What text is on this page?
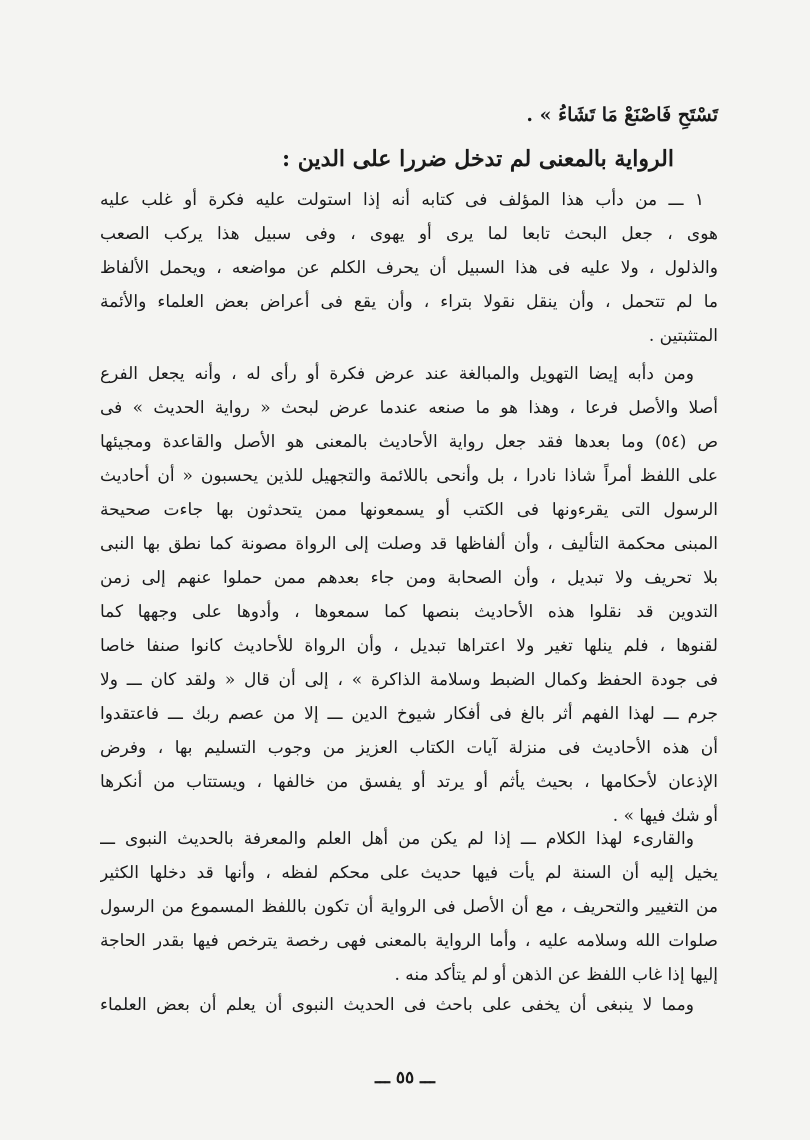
تَسْتَحِ فَاصْنَعْ مَا تَشَاءُ » .
الرواية بالمعنى لم تدخل ضررا على الدين :
١ ـــ من دأب هذا المؤلف فى كتابه أنه إذا استولت عليه فكرة أو غلب عليه
هوى ، جعل البحث تابعا لما يرى أو يهوى ، وفى سبيل هذا يركب الصعب
والذلول ، ولا عليه فى هذا السبيل أن يحرف الكلم عن مواضعه ، ويحمل الألفاظ
ما لم تتحمل ، وأن ينقل نقولا بتراء ، وأن يقع فى أعراض بعض العلماء والأئمة
المتثبتين .
ومن دأبه إيضا التهويل والمبالغة عند عرض فكرة أو رأى له ، وأنه يجعل الفرع
أصلا والأصل فرعا ، وهذا هو ما صنعه عندما عرض لبحث « رواية الحديث » فى
ص (٥٤) وما بعدها فقد جعل رواية الأحاديث بالمعنى هو الأصل والقاعدة ومجيئها
على اللفظ أمراً شاذا نادرا ، بل وأنحى باللائمة والتجهيل للذين يحسبون « أن أحاديث
الرسول التى يقرءونها فى الكتب أو يسمعونها ممن يتحدثون بها جاءت صحيحة
المبنى محكمة التأليف ، وأن ألفاظها قد وصلت إلى الرواة مصونة كما نطق بها النبى
بلا تحريف ولا تبديل ، وأن الصحابة ومن جاء بعدهم ممن حملوا عنهم إلى زمن
التدوين قد نقلوا هذه الأحاديث بنصها كما سمعوها ، وأدوها على وجهها كما
لقنوها ، فلم ينلها تغير ولا اعتراها تبديل ، وأن الرواة للأحاديث كانوا صنفا خاصا
فى جودة الحفظ وكمال الضبط وسلامة الذاكرة » ، إلى أن قال « ولقد كان ـــ ولا
جرم ـــ لهذا الفهم أثر بالغ فى أفكار شيوخ الدين ـــ إلا من عصم ربك ـــ فاعتقدوا
أن هذه الأحاديث فى منزلة آيات الكتاب العزيز من وجوب التسليم بها ، وفرض
الإذعان لأحكامها ، بحيث يأثم أو يرتد أو يفسق من خالفها ، ويستتاب من أنكرها
أو شك فيها » .
والقارىء لهذا الكلام ـــ إذا لم يكن من أهل العلم والمعرفة بالحديث النبوى ـــ
يخيل إليه أن السنة لم يأت فيها حديث على محكم لفظه ، وأنها قد دخلها الكثير
من التغيير والتحريف ، مع أن الأصل فى الرواية أن تكون باللفظ المسموع من الرسول
صلوات الله وسلامه عليه ، وأما الرواية بالمعنى فهى رخصة يترخص فيها بقدر الحاجة
إليها إذا غاب اللفظ عن الذهن أو لم يتأكد منه .
ومما لا ينبغى أن يخفى على باحث فى الحديث النبوى أن يعلم أن بعض العلماء
ـــ ٥٥ ـــ
